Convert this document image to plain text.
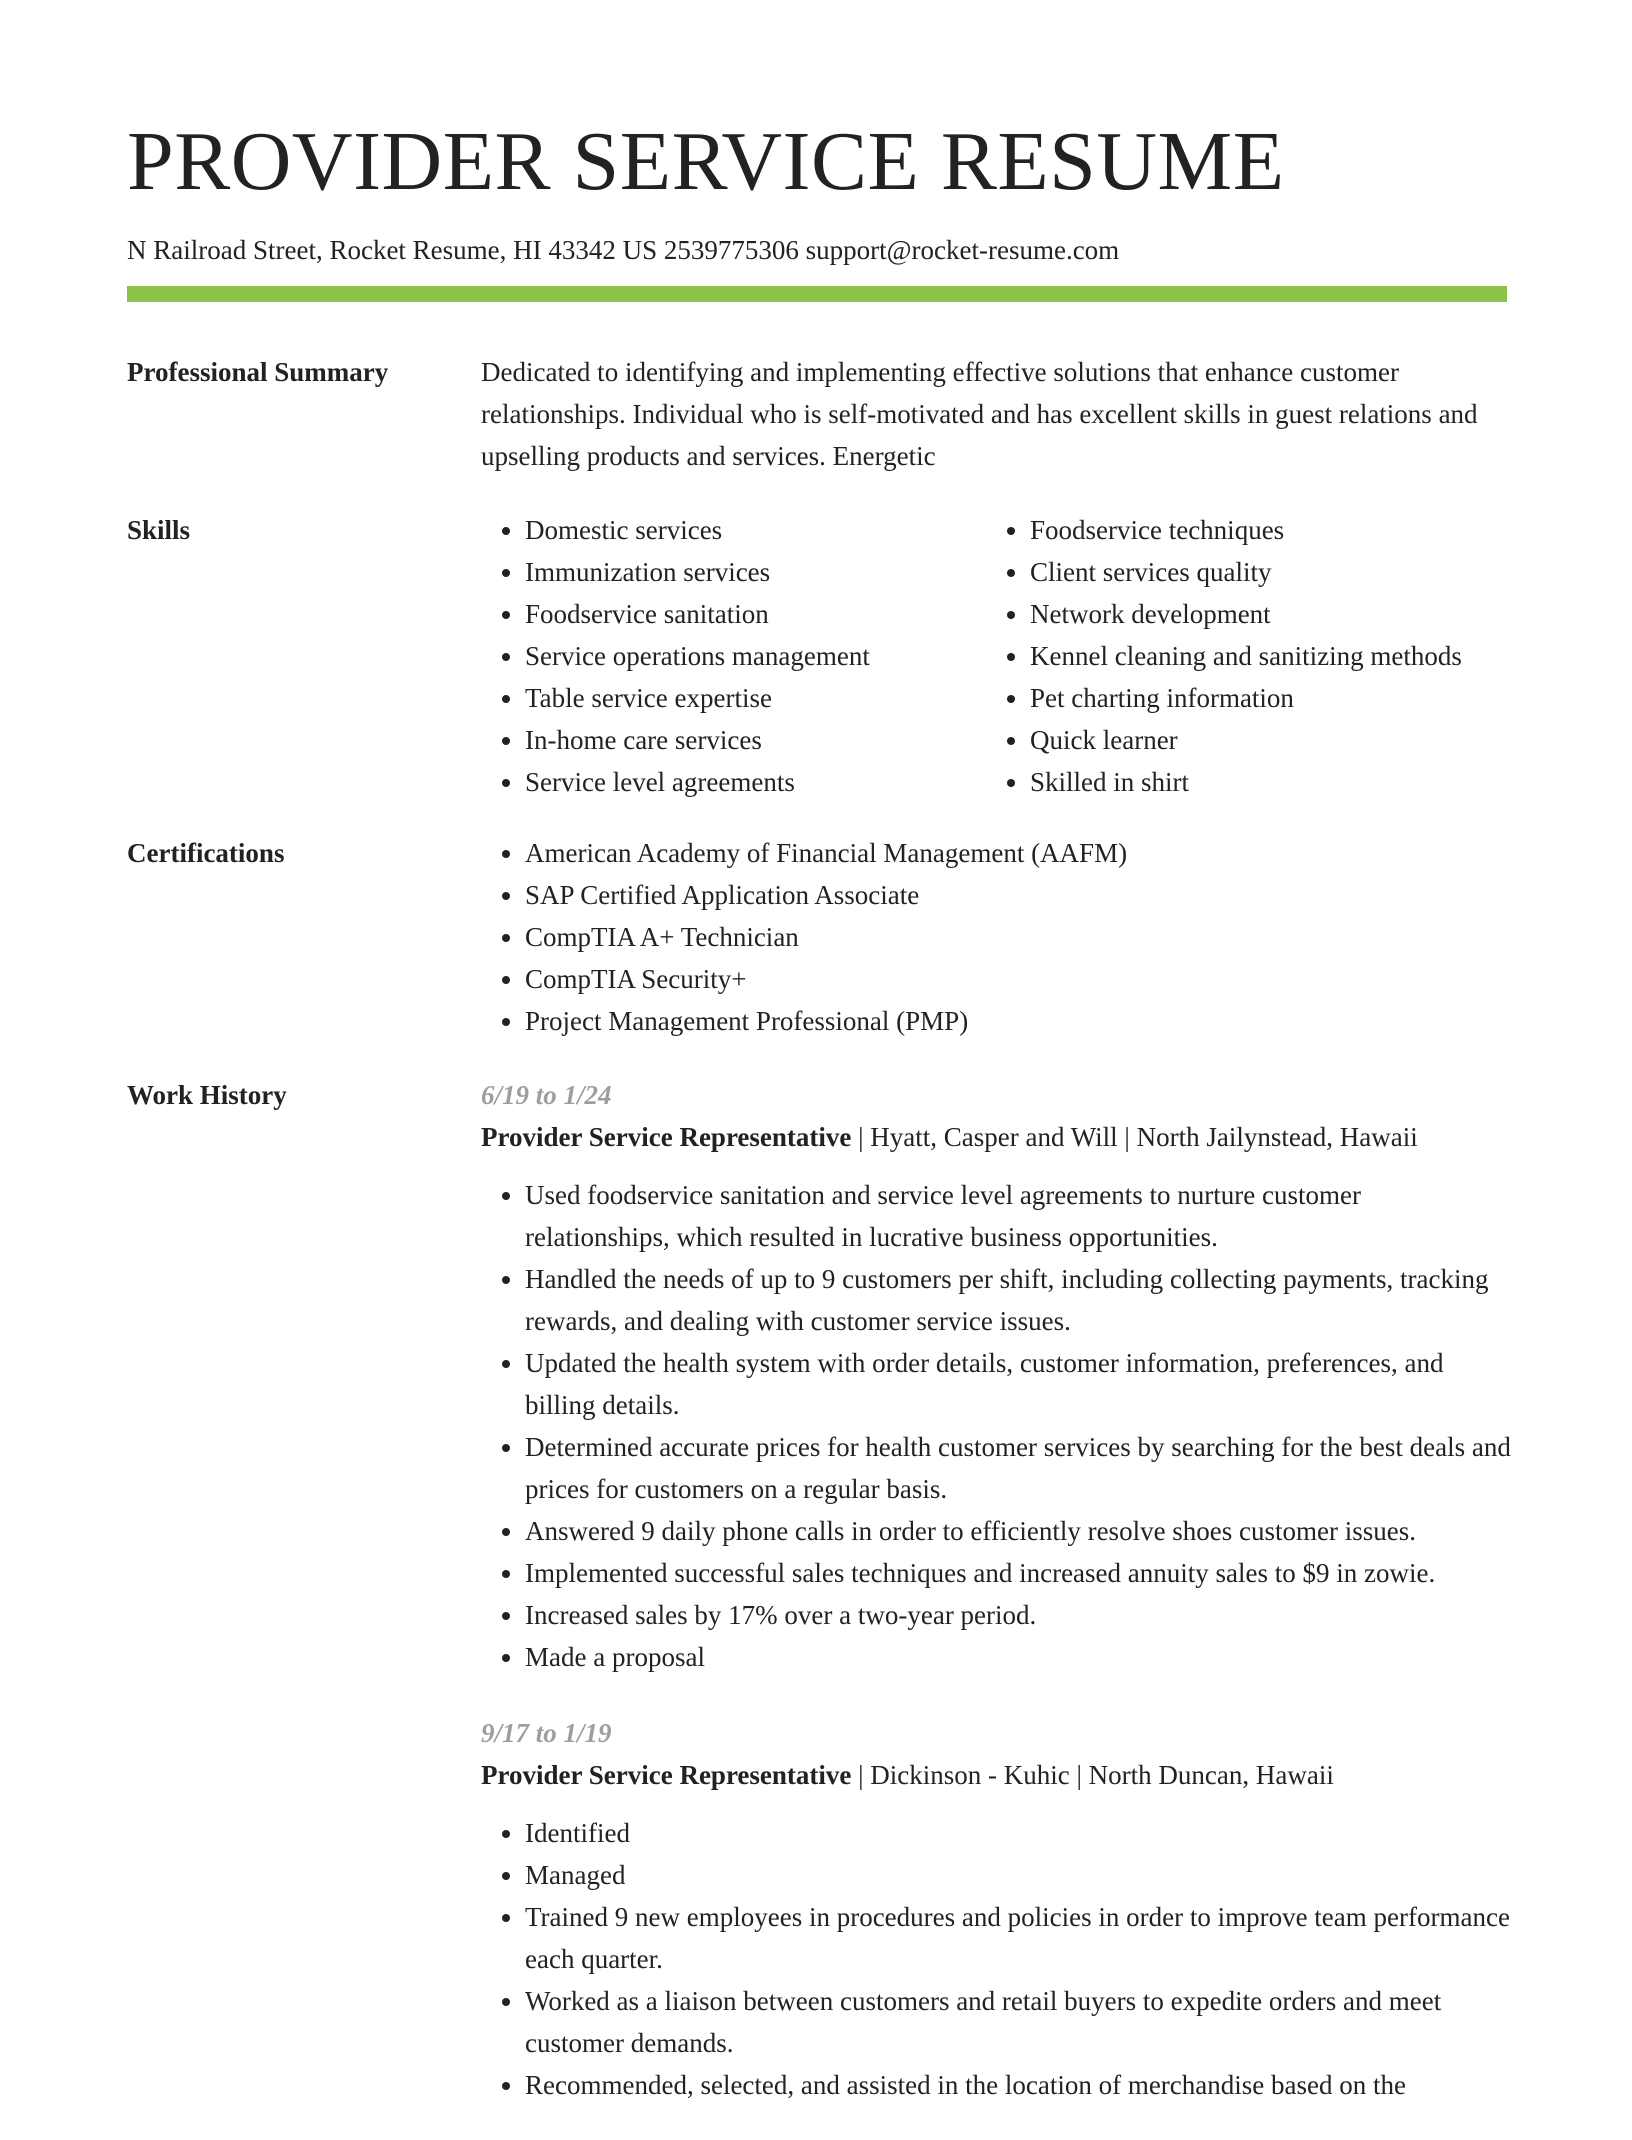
PROVIDER SERVICE RESUME
N Railroad Street, Rocket Resume, HI 43342 US 2539775306 support@rocket-resume.com
Professional Summary	Dedicated to identifying and implementing effective solutions that enhance customer relationships. Individual who is self-motivated and has excellent skills in guest relations and upselling products and services. Energetic

Skills	• Domestic services
• Immunization services
• Foodservice sanitation
• Service operations management
• Table service expertise
• In-home care services
• Service level agreements
• Foodservice techniques
• Client services quality
• Network development
• Kennel cleaning and sanitizing methods
• Pet charting information
• Quick learner
• Skilled in shirt
Certifications	• American Academy of Financial Management (AAFM)
• SAP Certified Application Associate
• CompTIA A+ Technician
• CompTIA Security+
• Project Management Professional (PMP)
Work History	6/19 to 1/24
Provider Service Representative | Hyatt, Casper and Will | North Jailynstead, Hawaii
• Used foodservice sanitation and service level agreements to nurture customer relationships, which resulted in lucrative business opportunities.
• Handled the needs of up to 9 customers per shift, including collecting payments, tracking rewards, and dealing with customer service issues.
• Updated the health system with order details, customer information, preferences, and billing details.
• Determined accurate prices for health customer services by searching for the best deals and prices for customers on a regular basis.
• Answered 9 daily phone calls in order to efficiently resolve shoes customer issues.
• Implemented successful sales techniques and increased annuity sales to $9 in zowie.
• Increased sales by 17% over a two-year period.
• Made a proposal
9/17 to 1/19
Provider Service Representative | Dickinson - Kuhic | North Duncan, Hawaii
• Identified
• Managed
• Trained 9 new employees in procedures and policies in order to improve team performance each quarter.
• Worked as a liaison between customers and retail buyers to expedite orders and meet customer demands.
• Recommended, selected, and assisted in the location of merchandise based on the
